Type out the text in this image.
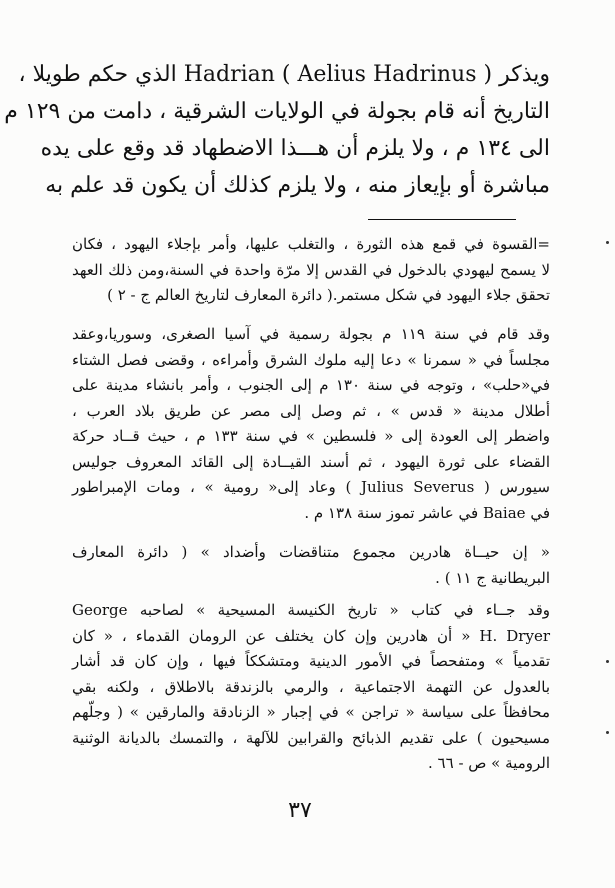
ويذكر Hadrian ( Aelius Hadrinus ) الذي حكم طويلا ،

التاريخ أنه قام بجولة في الولايات الشرقية ، دامت من ١٢٩ م

الى ١٣٤ م ، ولا يلزم أن هـــذا الاضطهاد قد وقع على يده

مباشرة أو بإيعاز منه ، ولا يلزم كذلك أن يكون قد علم به

=القسوة في قمع هذه الثورة ، والتغلب عليها، وأمر بإجلاء اليهود ، فكان

لا يسمح ليهودي بالدخول في القدس إلا مرّة واحدة في السنة،ومن ذلك العهد

تحقق جلاء اليهود في شكل مستمر.( دائرة المعارف لتاريخ العالم ج - ٢ )

وقد قام في سنة ١١٩ م بجولة رسمية في آسيا الصغرى، وسوريا،وعقد

مجلساً في « سمرنا » دعا إليه ملوك الشرق وأمراءه ، وقضى فصل الشتاء

في«حلب» ، وتوجه في سنة ١٣٠ م إلى الجنوب ، وأمر بانشاء مدينة على

أطلال مدينة « قدس » ، ثم وصل إلى مصر عن طريق بلاد العرب ،

واضطر إلى العودة إلى « فلسطين » في سنة ١٣٣ م ، حيث قــاد حركة

القضاء على ثورة اليهود ، ثم أسند القيــادة إلى القائد المعروف جوليس

سيورس ( Julius Severus ) وعاد إلى« رومية » ، ومات الإمبراطور

في Baiae في عاشر تموز سنة ١٣٨ م .

« إن حيــاة هادرين مجموع متناقضات وأضداد » ( دائرة المعارف

البريطانية ج ١١ ) .

وقد جــاء في كتاب « تاريخ الكنيسة المسيحية » لصاحبه George

H. Dryer « أن هادرين وإن كان يختلف عن الرومان القدماء ، « كان

تقدمياً » ومتفحصاً في الأمور الدينية ومتشككاً فيها ، وإن كان قد أشار

بالعدول عن التهمة الاجتماعية ، والرمي بالزندقة بالاطلاق ، ولكنه بقي

محافظاً على سياسة « تراجن » في إجبار « الزنادقة والمارقين » ( وجلّهم

مسيحيون ) على تقديم الذبائح والقرابين للآلهة ، والتمسك بالديانة الوثنية

الرومية » ص - ٦٦ .

٣٧
